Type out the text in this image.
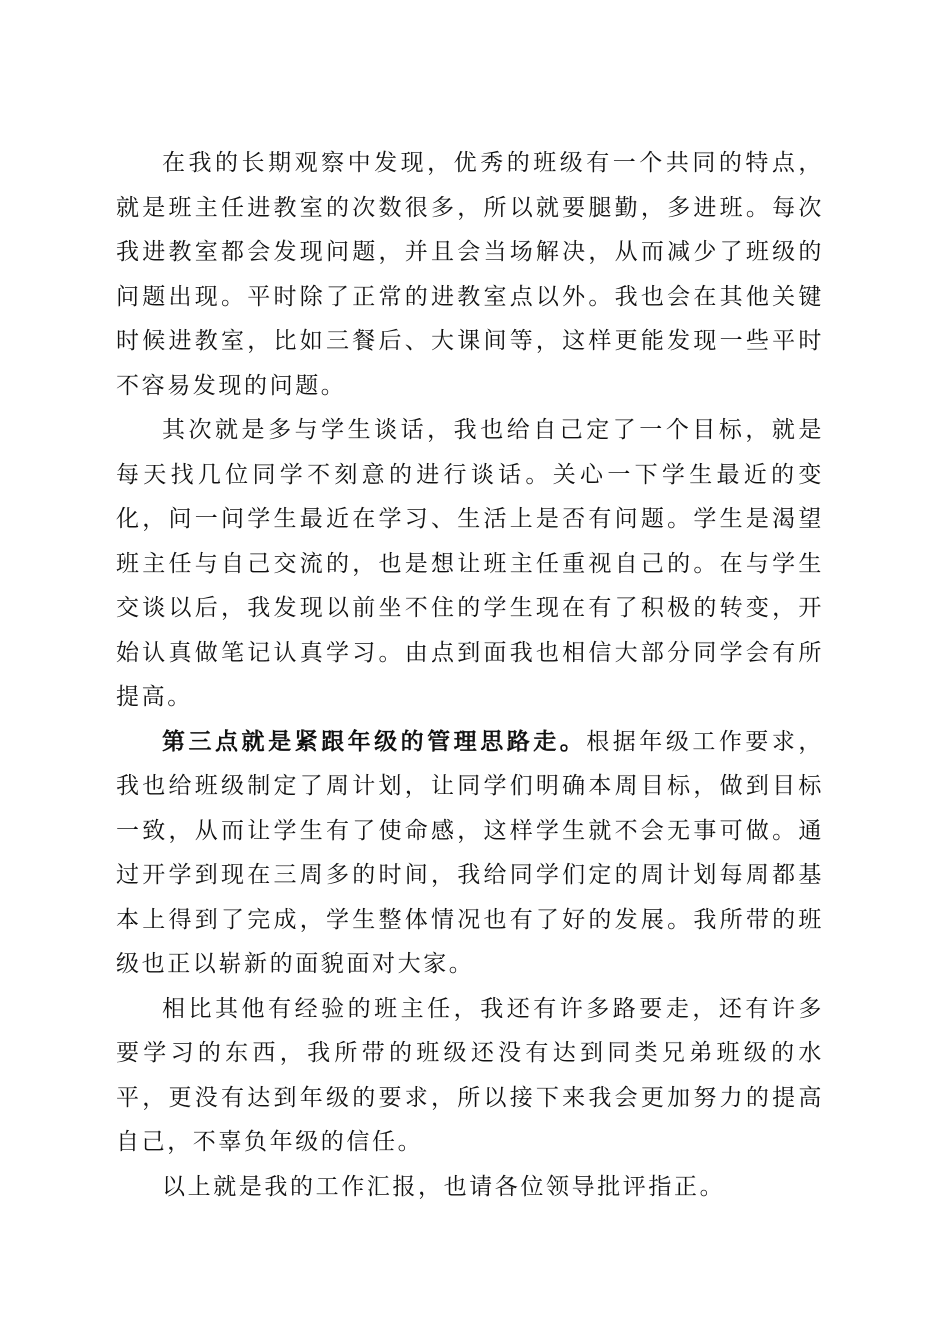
在我的长期观察中发现，优秀的班级有一个共同的特点，就是班主任进教室的次数很多，所以就要腿勤，多进班。每次我进教室都会发现问题，并且会当场解决，从而减少了班级的问题出现。平时除了正常的进教室点以外。我也会在其他关键时候进教室，比如三餐后、大课间等，这样更能发现一些平时不容易发现的问题。

其次就是多与学生谈话，我也给自己定了一个目标，就是每天找几位同学不刻意的进行谈话。关心一下学生最近的变化，问一问学生最近在学习、生活上是否有问题。学生是渴望班主任与自己交流的，也是想让班主任重视自己的。在与学生交谈以后，我发现以前坐不住的学生现在有了积极的转变，开始认真做笔记认真学习。由点到面我也相信大部分同学会有所提高。

第三点就是紧跟年级的管理思路走。根据年级工作要求，我也给班级制定了周计划，让同学们明确本周目标，做到目标一致，从而让学生有了使命感，这样学生就不会无事可做。通过开学到现在三周多的时间，我给同学们定的周计划每周都基本上得到了完成，学生整体情况也有了好的发展。我所带的班级也正以崭新的面貌面对大家。

相比其他有经验的班主任，我还有许多路要走，还有许多要学习的东西，我所带的班级还没有达到同类兄弟班级的水平，更没有达到年级的要求，所以接下来我会更加努力的提高自己，不辜负年级的信任。

以上就是我的工作汇报，也请各位领导批评指正。
